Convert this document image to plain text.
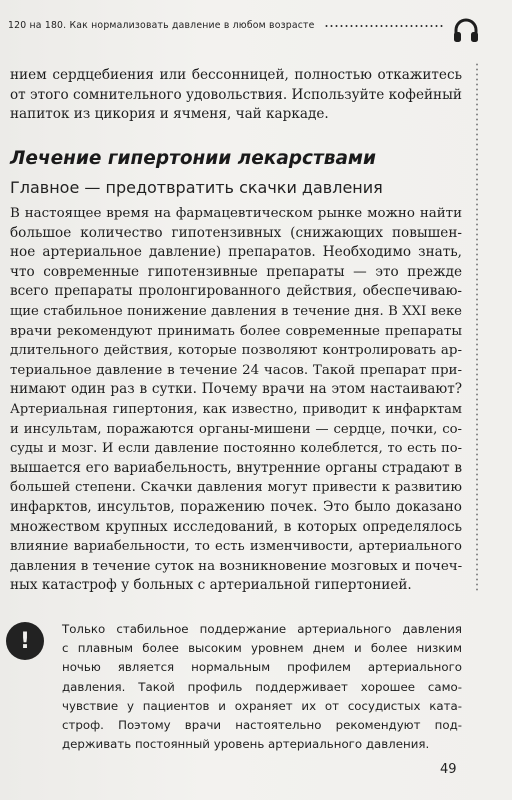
120 на 180. Как нормализовать давление в любом возрасте
нием сердцебиения или бессонницей, полностью откажитесь
от этого сомнительного удовольствия. Используйте кофейный
напиток из цикория и ячменя, чай каркаде.
Лечение гипертонии лекарствами
Главное — предотвратить скачки давления
В настоящее время на фармацевтическом рынке можно найти
большое количество гипотензивных (снижающих повышен-
ное артериальное давление) препаратов. Необходимо знать,
что современные гипотензивные препараты — это прежде
всего препараты пролонгированного действия, обеспечиваю-
щие стабильное понижение давления в течение дня. В XXI веке
врачи рекомендуют принимать более современные препараты
длительного действия, которые позволяют контролировать ар-
териальное давление в течение 24 часов. Такой препарат при-
нимают один раз в сутки. Почему врачи на этом настаивают?
Артериальная гипертония, как известно, приводит к инфарктам
и инсультам, поражаются органы-мишени — сердце, почки, со-
суды и мозг. И если давление постоянно колеблется, то есть по-
вышается его вариабельность, внутренние органы страдают в
большей степени. Скачки давления могут привести к развитию
инфарктов, инсультов, поражению почек. Это было доказано
множеством крупных исследований, в которых определялось
влияние вариабельности, то есть изменчивости, артериального
давления в течение суток на возникновение мозговых и почеч-
ных катастроф у больных с артериальной гипертонией.
!	Только стабильное поддержание артериального давления
с плавным более высоким уровнем днем и более низким
ночью является нормальным профилем артериального
давления. Такой профиль поддерживает хорошее само-
чувствие у пациентов и охраняет их от сосудистых ката-
строф. Поэтому врачи настоятельно рекомендуют под-
держивать постоянный уровень артериального давления.
49
